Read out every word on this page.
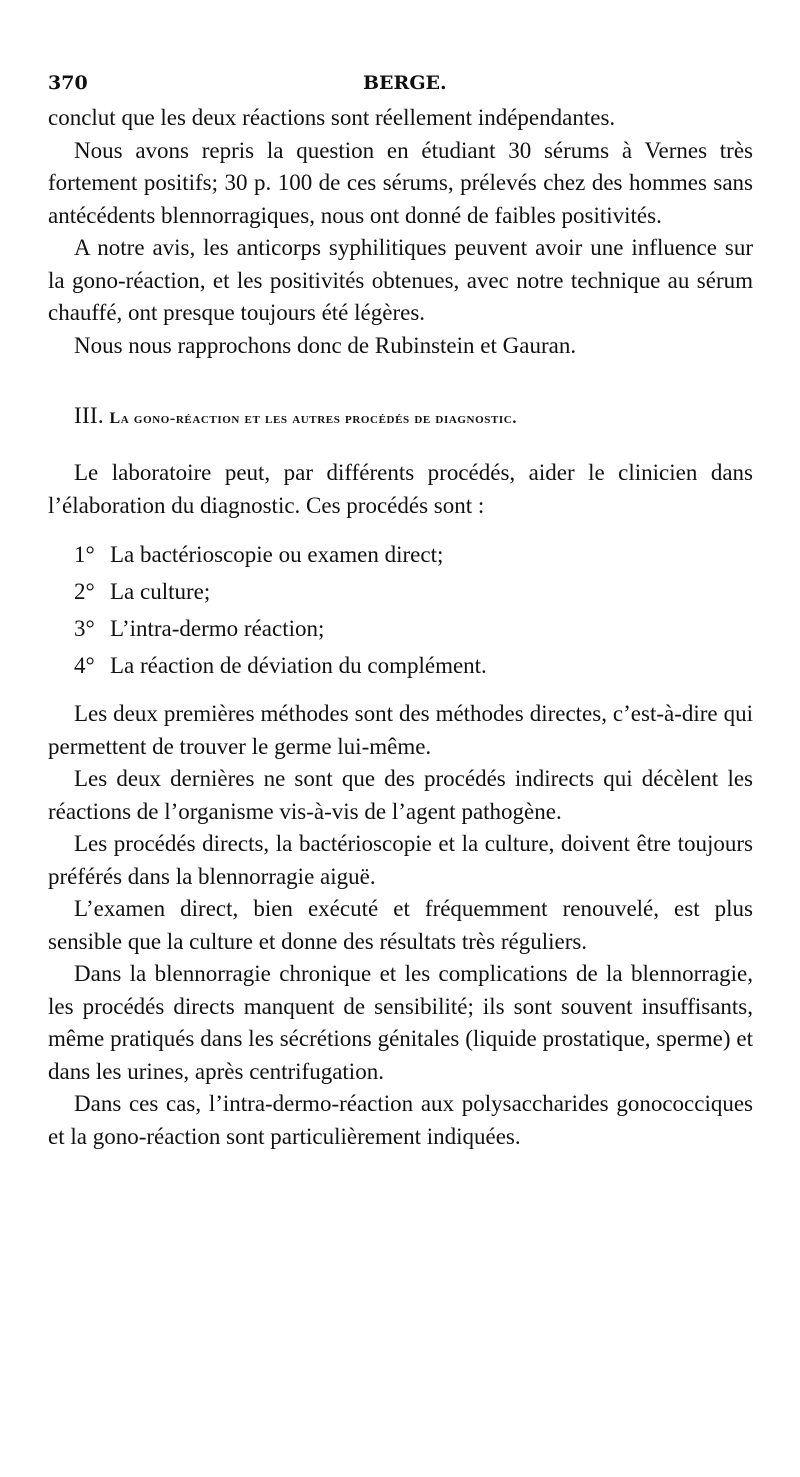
370	BERGE.

conclut que les deux réactions sont réellement indépendantes.

Nous avons repris la question en étudiant 30 sérums à Vernes très fortement positifs; 30 p. 100 de ces sérums, prélevés chez des hommes sans antécédents blennorragiques, nous ont donné de faibles positivités.

A notre avis, les anticorps syphilitiques peuvent avoir une influence sur la gono-réaction, et les positivités obtenues, avec notre technique au sérum chauffé, ont presque toujours été légères.

Nous nous rapprochons donc de Rubinstein et Gauran.

III. La gono-réaction et les autres procédés de diagnostic.

Le laboratoire peut, par différents procédés, aider le clinicien dans l’élaboration du diagnostic. Ces procédés sont :

1° La bactérioscopie ou examen direct;
2° La culture;
3° L’intra-dermo réaction;
4° La réaction de déviation du complément.

Les deux premières méthodes sont des méthodes directes, c’est-à-dire qui permettent de trouver le germe lui-même.

Les deux dernières ne sont que des procédés indirects qui décèlent les réactions de l’organisme vis-à-vis de l’agent pathogène.

Les procédés directs, la bactérioscopie et la culture, doivent être toujours préférés dans la blennorragie aiguë.

L’examen direct, bien exécuté et fréquemment renouvelé, est plus sensible que la culture et donne des résultats très réguliers.

Dans la blennorragie chronique et les complications de la blennorragie, les procédés directs manquent de sensibilité; ils sont souvent insuffisants, même pratiqués dans les sécrétions génitales (liquide prostatique, sperme) et dans les urines, après centrifugation.

Dans ces cas, l’intra-dermo-réaction aux polysaccharides gonococciques et la gono-réaction sont particulièrement indiquées.
